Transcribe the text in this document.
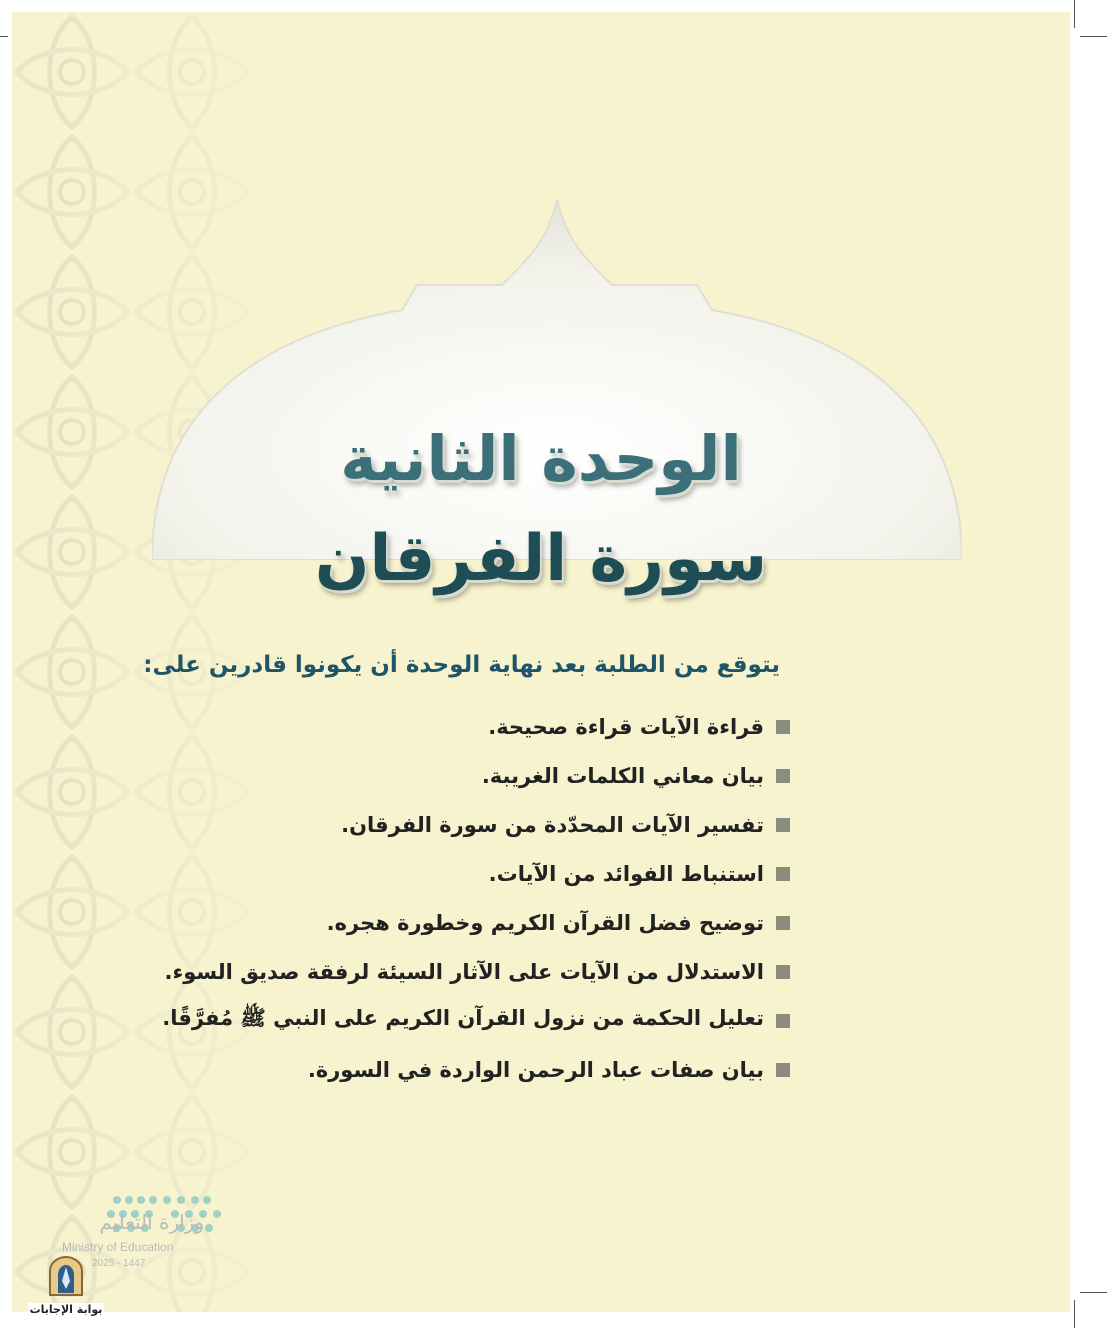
الوحدة الثانية
سورة الفرقان
يتوقع من الطلبة بعد نهاية الوحدة أن يكونوا قادرين على:
قراءة الآيات قراءة صحيحة.
بيان معاني الكلمات الغريبة.
تفسير الآيات المحدّدة من سورة الفرقان.
استنباط الفوائد من الآيات.
توضيح فضل القرآن الكريم وخطورة هجره.
الاستدلال من الآيات على الآثار السيئة لرفقة صديق السوء.
تعليل الحكمة من نزول القرآن الكريم على النبي ﷺ مُفرَّقًا.
بيان صفات عباد الرحمن الواردة في السورة.
وزارة التعليم
Ministry of Education
2025 - 1447
بوابة الإجابات
